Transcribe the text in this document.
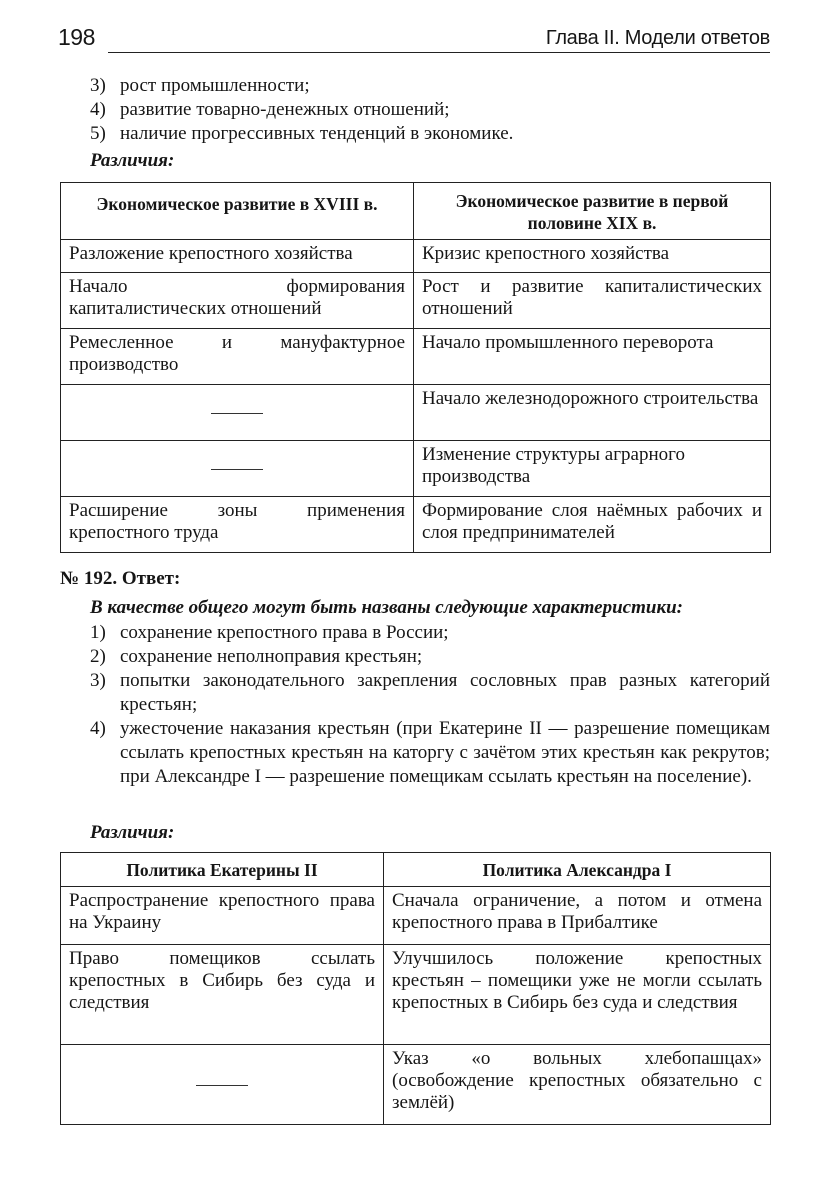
198	Глава II. Модели ответов
3) рост промышленности;
4) развитие товарно-денежных отношений;
5) наличие прогрессивных тенденций в экономике.
Различия:
Экономическое развитие в XVIII в.	Экономическое развитие в первой половине XIX в.
Разложение крепостного хозяйства	Кризис крепостного хозяйства
Начало формирования капиталистических отношений	Рост и развитие капиталистических отношений
Ремесленное и мануфактурное производство	Начало промышленного переворота
	Начало железнодорожного строительства
	Изменение структуры аграрного производства
Расширение зоны применения крепостного труда	Формирование слоя наёмных рабочих и слоя предпринимателей
№ 192. Ответ:
В качестве общего могут быть названы следующие характеристики:
1) сохранение крепостного права в России;
2) сохранение неполноправия крестьян;
3) попытки законодательного закрепления сословных прав разных категорий крестьян;
4) ужесточение наказания крестьян (при Екатерине II — разрешение помещикам ссылать крепостных крестьян на каторгу с зачётом этих крестьян как рекрутов; при Александре I — разрешение помещикам ссылать крестьян на поселение).
Различия:
Политика Екатерины II	Политика Александра I
Распространение крепостного права на Украину	Сначала ограничение, а потом и отмена крепостного права в Прибалтике
Право помещиков ссылать крепостных в Сибирь без суда и следствия	Улучшилось положение крепостных крестьян – помещики уже не могли ссылать крепостных в Сибирь без суда и следствия
	Указ «о вольных хлебопашцах» (освобождение крепостных обязательно с землёй)
